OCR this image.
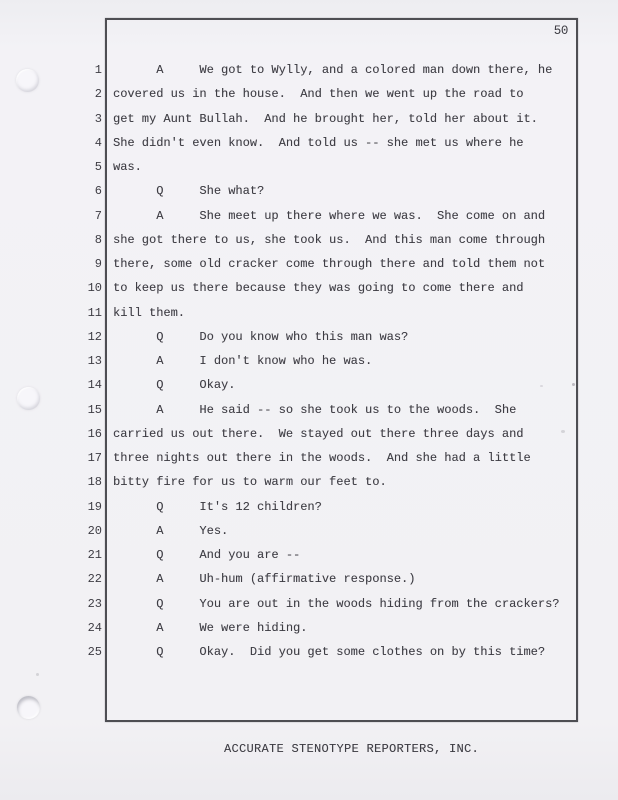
50
1 A     We got to Wylly, and a colored man down there, he
2 covered us in the house.  And then we went up the road to
3 get my Aunt Bullah.  And he brought her, told her about it.
4 She didn't even know.  And told us -- she met us where he
5 was.
6 Q     She what?
7 A     She meet up there where we was.  She come on and
8 she got there to us, she took us.  And this man come through
9 there, some old cracker come through there and told them not
10 to keep us there because they was going to come there and
11 kill them.
12 Q     Do you know who this man was?
13 A     I don't know who he was.
14 Q     Okay.
15 A     He said -- so she took us to the woods.  She
16 carried us out there.  We stayed out there three days and
17 three nights out there in the woods.  And she had a little
18 bitty fire for us to warm our feet to.
19 Q     It's 12 children?
20 A     Yes.
21 Q     And you are --
22 A     Uh-hum (affirmative response.)
23 Q     You are out in the woods hiding from the crackers?
24 A     We were hiding.
25 Q     Okay.  Did you get some clothes on by this time?
ACCURATE STENOTYPE REPORTERS, INC.
